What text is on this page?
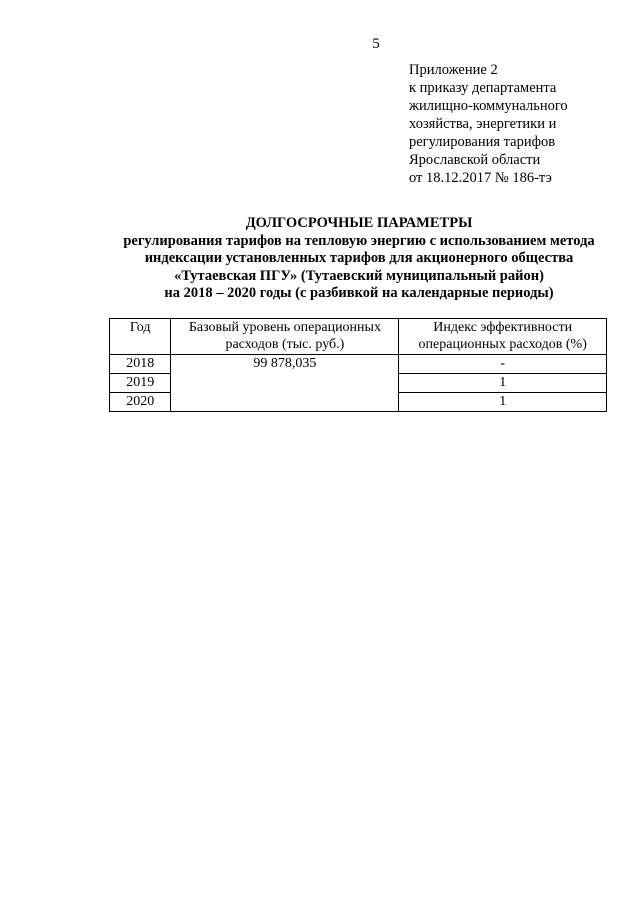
5
Приложение 2
к приказу департамента
жилищно-коммунального
хозяйства, энергетики и
регулирования тарифов
Ярославской области
от 18.12.2017 № 186-тэ
ДОЛГОСРОЧНЫЕ ПАРАМЕТРЫ
регулирования тарифов на тепловую энергию с использованием метода
индексации установленных тарифов для акционерного общества
«Тутаевская ПГУ» (Тутаевский муниципальный район)
на 2018 – 2020 годы (с разбивкой на календарные периоды)
Год	Базовый уровень операционных расходов (тыс. руб.)	Индекс эффективности операционных расходов (%)
2018	99 878,035	-
2019		1
2020		1
